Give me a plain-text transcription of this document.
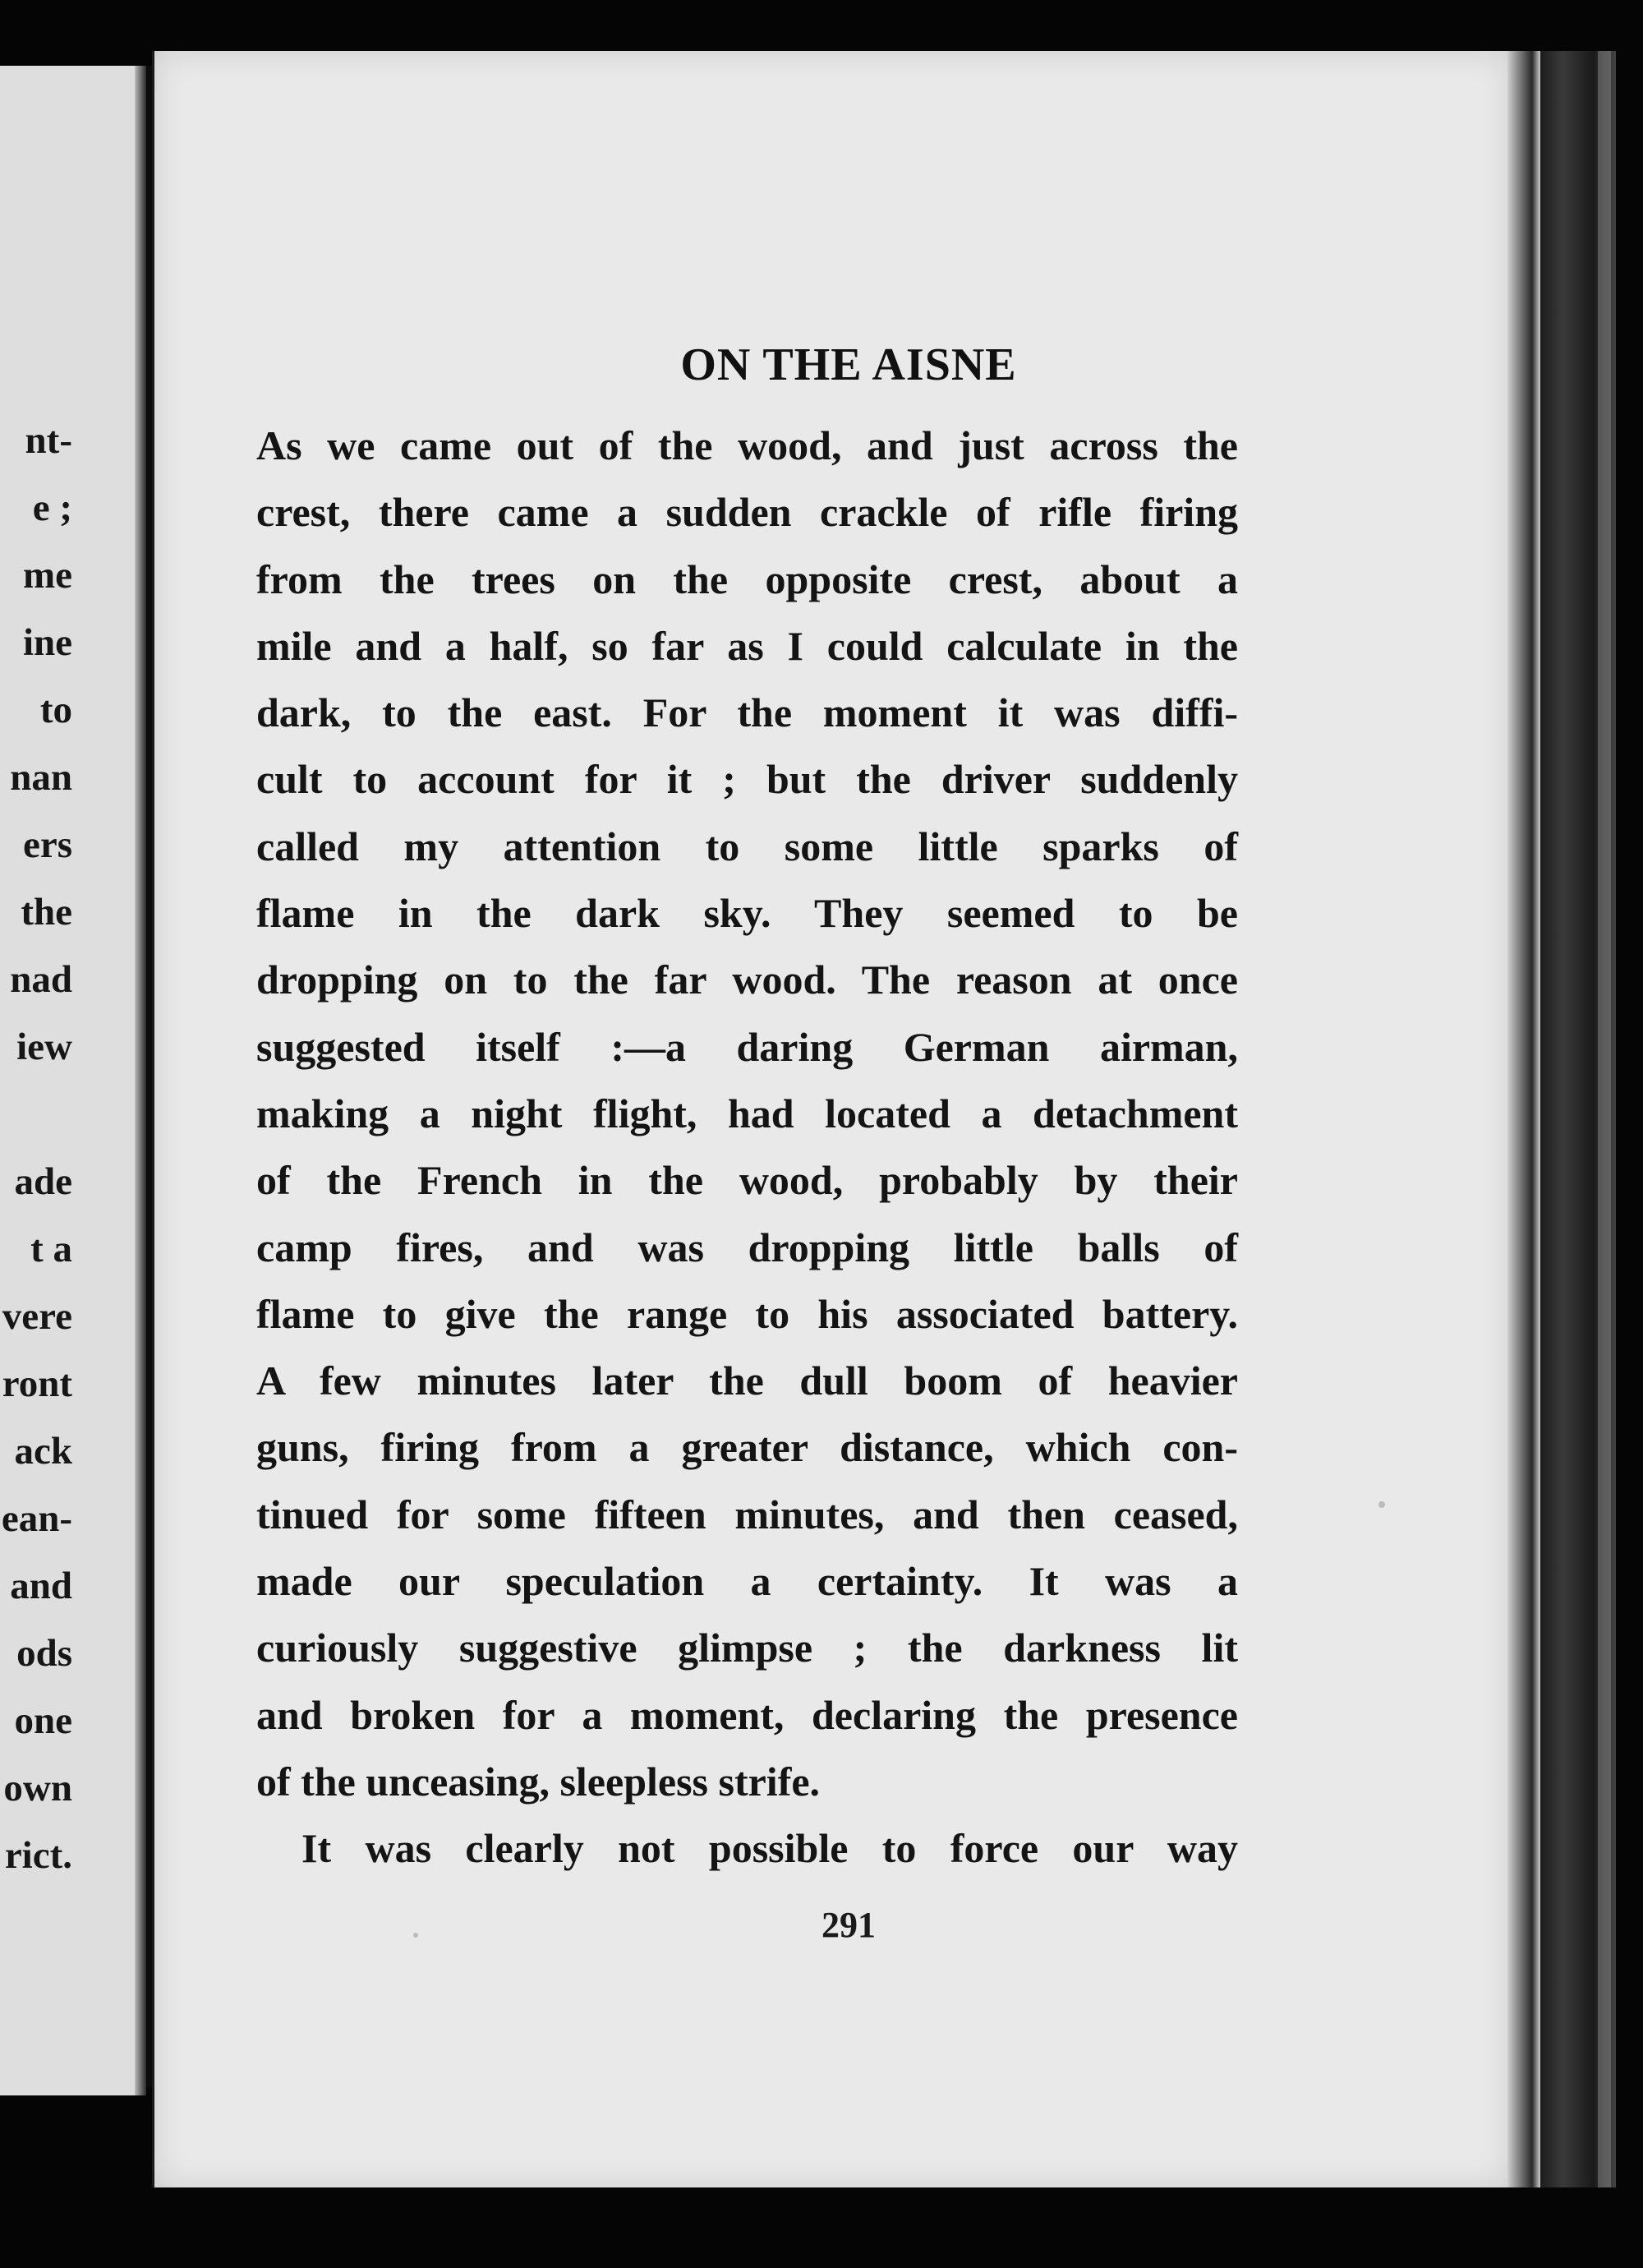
nt-
e ;
me
ine
to
nan
ers
the
nad
iew
ade
t a
vere
ront
ack
ean-
and
ods
one
own
rict.
ON THE AISNE
As we came out of the wood, and just across the
crest, there came a sudden crackle of rifle firing
from the trees on the opposite crest, about a
mile and a half, so far as I could calculate in the
dark, to the east. For the moment it was diffi-
cult to account for it ; but the driver suddenly
called my attention to some little sparks of
flame in the dark sky. They seemed to be
dropping on to the far wood. The reason at once
suggested itself :—a daring German airman,
making a night flight, had located a detachment
of the French in the wood, probably by their
camp fires, and was dropping little balls of
flame to give the range to his associated battery.
A few minutes later the dull boom of heavier
guns, firing from a greater distance, which con-
tinued for some fifteen minutes, and then ceased,
made our speculation a certainty. It was a
curiously suggestive glimpse ; the darkness lit
and broken for a moment, declaring the presence
of the unceasing, sleepless strife.
It was clearly not possible to force our way
291
